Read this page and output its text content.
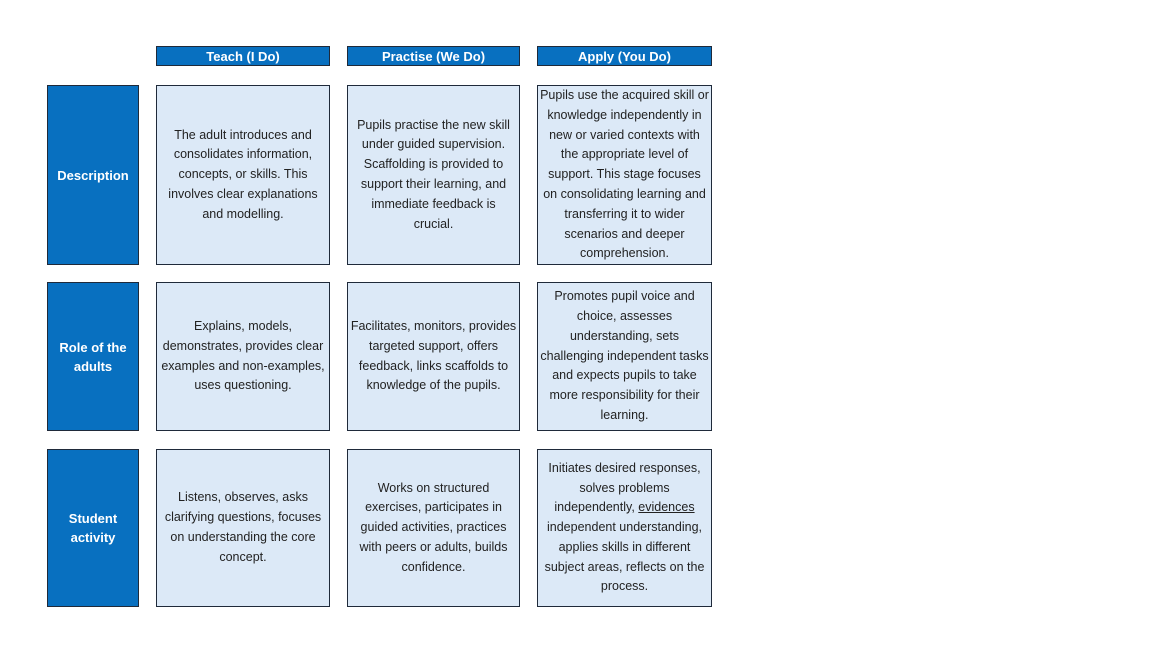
Teach (I Do)	Practise (We Do)	Apply (You Do)
Description
The adult introduces and consolidates information, concepts, or skills. This involves clear explanations and modelling.
Pupils practise the new skill under guided supervision. Scaffolding is provided to support their learning, and immediate feedback is crucial.
Pupils use the acquired skill or knowledge independently in new or varied contexts with the appropriate level of support. This stage focuses on consolidating learning and transferring it to wider scenarios and deeper comprehension.
Role of the adults
Explains, models, demonstrates, provides clear examples and non-examples, uses questioning.
Facilitates, monitors, provides targeted support, offers feedback, links scaffolds to knowledge of the pupils.
Promotes pupil voice and choice, assesses understanding, sets challenging independent tasks and expects pupils to take more responsibility for their learning.
Student activity
Listens, observes, asks clarifying questions, focuses on understanding the core concept.
Works on structured exercises, participates in guided activities, practices with peers or adults, builds confidence.
Initiates desired responses, solves problems independently, evidences independent understanding, applies skills in different subject areas, reflects on the process.
